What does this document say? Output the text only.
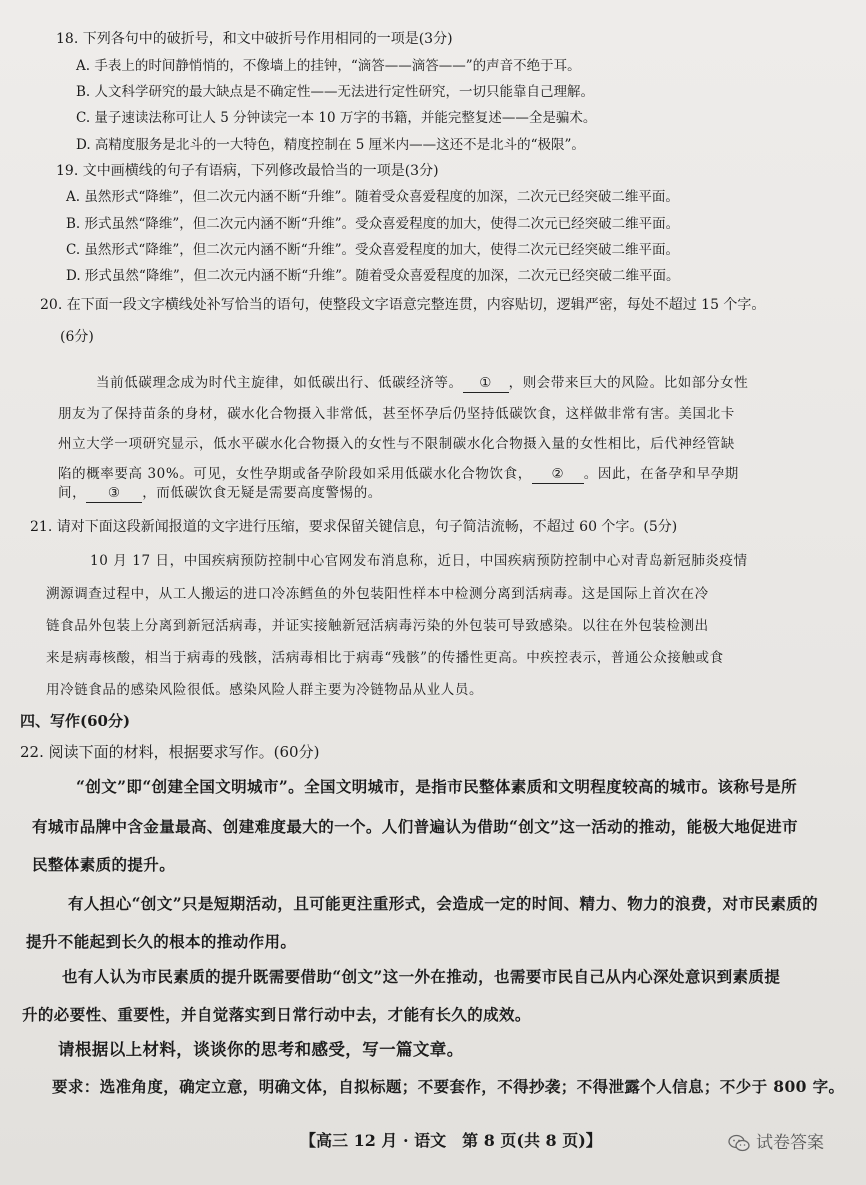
18. 下列各句中的破折号，和文中破折号作用相同的一项是(3分)
A. 手表上的时间静悄悄的，不像墙上的挂钟，“滴答——滴答——”的声音不绝于耳。
B. 人文科学研究的最大缺点是不确定性——无法进行定性研究，一切只能靠自己理解。
C. 量子速读法称可让人 5 分钟读完一本 10 万字的书籍，并能完整复述——全是骗术。
D. 高精度服务是北斗的一大特色，精度控制在 5 厘米内——这还不是北斗的“极限”。
19. 文中画横线的句子有语病，下列修改最恰当的一项是(3分)
A. 虽然形式“降维”，但二次元内涵不断“升维”。随着受众喜爱程度的加深，二次元已经突破二维平面。
B. 形式虽然“降维”，但二次元内涵不断“升维”。受众喜爱程度的加大，使得二次元已经突破二维平面。
C. 虽然形式“降维”，但二次元内涵不断“升维”。受众喜爱程度的加大，使得二次元已经突破二维平面。
D. 形式虽然“降维”，但二次元内涵不断“升维”。随着受众喜爱程度的加深，二次元已经突破二维平面。
20. 在下面一段文字横线处补写恰当的语句，使整段文字语意完整连贯，内容贴切，逻辑严密，每处不超过 15 个字。
(6分)
当前低碳理念成为时代主旋律，如低碳出行、低碳经济等。 ① ，则会带来巨大的风险。比如部分女性
朋友为了保持苗条的身材，碳水化合物摄入非常低，甚至怀孕后仍坚持低碳饮食，这样做非常有害。美国北卡
州立大学一项研究显示，低水平碳水化合物摄入的女性与不限制碳水化合物摄入量的女性相比，后代神经管缺
陷的概率要高 30%。可见，女性孕期或备孕阶段如采用低碳水化合物饮食， ② 。因此，在备孕和早孕期
间， ③ ，而低碳饮食无疑是需要高度警惕的。
21. 请对下面这段新闻报道的文字进行压缩，要求保留关键信息，句子简洁流畅，不超过 60 个字。(5分)
10 月 17 日，中国疾病预防控制中心官网发布消息称，近日，中国疾病预防控制中心对青岛新冠肺炎疫情
溯源调查过程中，从工人搬运的进口冷冻鳕鱼的外包装阳性样本中检测分离到活病毒。这是国际上首次在冷
链食品外包装上分离到新冠活病毒，并证实接触新冠活病毒污染的外包装可导致感染。以往在外包装检测出
来是病毒核酸，相当于病毒的残骸，活病毒相比于病毒“残骸”的传播性更高。中疾控表示，普通公众接触或食
用冷链食品的感染风险很低。感染风险人群主要为冷链物品从业人员。
四、写作(60分)
22. 阅读下面的材料，根据要求写作。(60分)
“创文”即“创建全国文明城市”。全国文明城市，是指市民整体素质和文明程度较高的城市。该称号是所
有城市品牌中含金量最高、创建难度最大的一个。人们普遍认为借助“创文”这一活动的推动，能极大地促进市
民整体素质的提升。
有人担心“创文”只是短期活动，且可能更注重形式，会造成一定的时间、精力、物力的浪费，对市民素质的
提升不能起到长久的根本的推动作用。
也有人认为市民素质的提升既需要借助“创文”这一外在推动，也需要市民自己从内心深处意识到素质提
升的必要性、重要性，并自觉落实到日常行动中去，才能有长久的成效。
请根据以上材料，谈谈你的思考和感受，写一篇文章。
要求：选准角度，确定立意，明确文体，自拟标题；不要套作，不得抄袭；不得泄露个人信息；不少于 800 字。
【高三 12 月 · 语文　第 8 页(共 8 页)】	试卷答案
